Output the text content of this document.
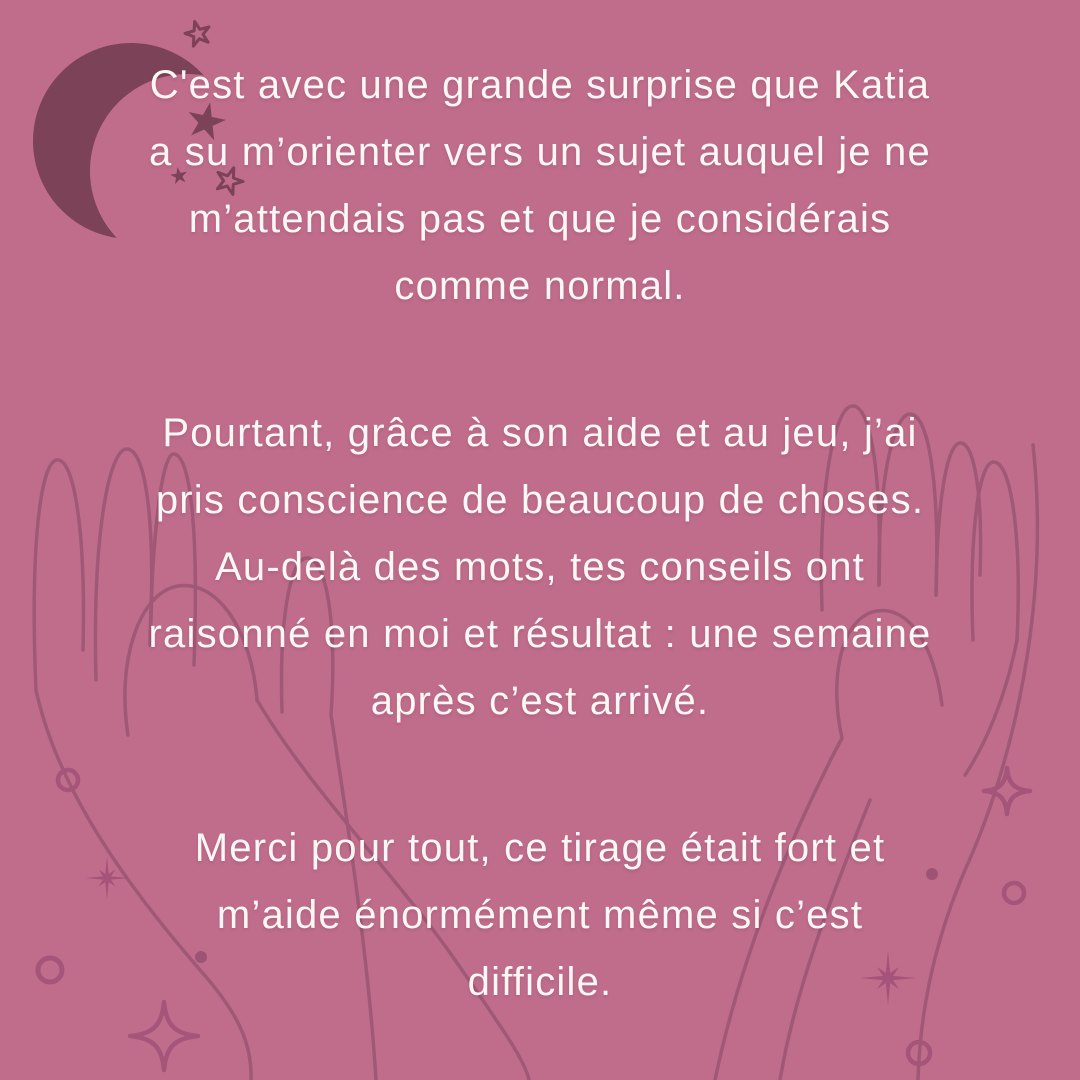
C'est avec une grande surprise que Katia
a su m’orienter vers un sujet auquel je ne
m’attendais pas et que je considérais
comme normal.
Pourtant, grâce à son aide et au jeu, j’ai
pris conscience de beaucoup de choses.
Au-delà des mots, tes conseils ont
raisonné en moi et résultat : une semaine
après c’est arrivé.
Merci pour tout, ce tirage était fort et
m’aide énormément même si c’est
difficile.
